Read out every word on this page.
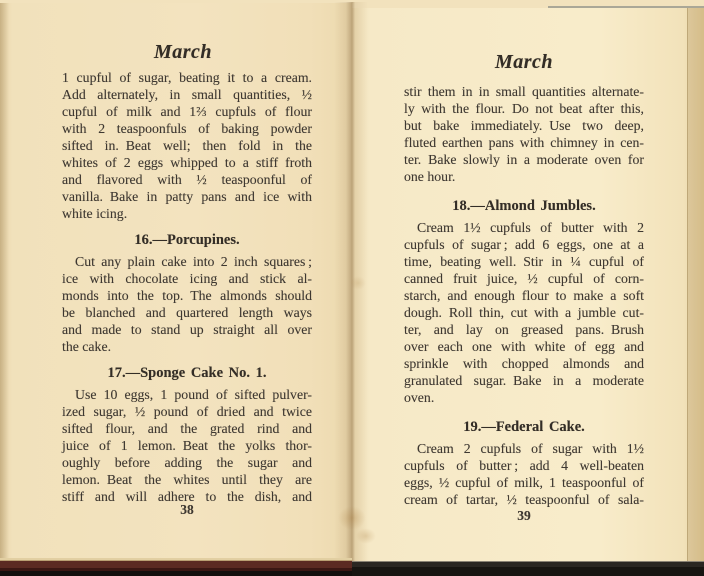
March
1 cupful of sugar, beating it to a cream.
Add alternately, in small quantities, ½
cupful of milk and 1⅔ cupfuls of flour
with 2 teaspoonfuls of baking powder
sifted in. Beat well; then fold in the
whites of 2 eggs whipped to a stiff froth
and flavored with ½ teaspoonful of
vanilla. Bake in patty pans and ice with
white icing.
16.—Porcupines.
Cut any plain cake into 2 inch squares ;
ice with chocolate icing and stick al-
monds into the top. The almonds should
be blanched and quartered length ways
and made to stand up straight all over
the cake.
17.—Sponge Cake No. 1.
Use 10 eggs, 1 pound of sifted pulver-
ized sugar, ½ pound of dried and twice
sifted flour, and the grated rind and
juice of 1 lemon. Beat the yolks thor-
oughly before adding the sugar and
lemon. Beat the whites until they are
stiff and will adhere to the dish, and
38
March
stir them in in small quantities alternate-
ly with the flour. Do not beat after this,
but bake immediately. Use two deep,
fluted earthen pans with chimney in cen-
ter. Bake slowly in a moderate oven for
one hour.
18.—Almond Jumbles.
Cream 1½ cupfuls of butter with 2
cupfuls of sugar ; add 6 eggs, one at a
time, beating well. Stir in ¼ cupful of
canned fruit juice, ½ cupful of corn-
starch, and enough flour to make a soft
dough. Roll thin, cut with a jumble cut-
ter, and lay on greased pans. Brush
over each one with white of egg and
sprinkle with chopped almonds and
granulated sugar. Bake in a moderate
oven.
19.—Federal Cake.
Cream 2 cupfuls of sugar with 1½
cupfuls of butter ; add 4 well-beaten
eggs, ½ cupful of milk, 1 teaspoonful of
cream of tartar, ½ teaspoonful of sala-
39
